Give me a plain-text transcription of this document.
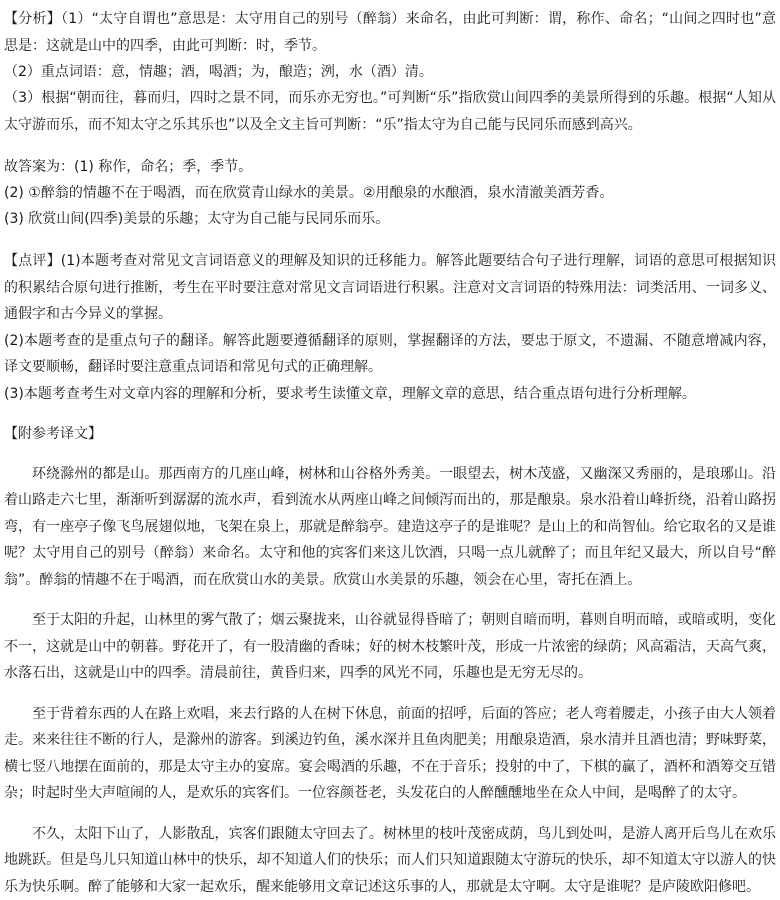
【分析】（1）“太守自谓也”意思是：太守用自己的别号（醉翁）来命名，由此可判断：谓，称作、命名；“山间之四时也”意思是：这就是山中的四季，由此可判断：时，季节。

（2）重点词语：意，情趣；酒，喝酒；为，酿造；洌，水（酒）清。

（3）根据“朝而往，暮而归，四时之景不同，而乐亦无穷也。”可判断“乐”指欣赏山间四季的美景所得到的乐趣。根据“人知从太守游而乐，而不知太守之乐其乐也”以及全文主旨可判断：“乐”指太守为自己能与民同乐而感到高兴。

故答案为：(1) 称作，命名；季，季节。

(2) ①醉翁的情趣不在于喝酒，而在欣赏青山绿水的美景。②用酿泉的水酿酒，泉水清澈美酒芳香。

(3) 欣赏山间(四季)美景的乐趣；太守为自己能与民同乐而乐。

【点评】(1)本题考查对常见文言词语意义的理解及知识的迁移能力。解答此题要结合句子进行理解，词语的意思可根据知识的积累结合原句进行推断，考生在平时要注意对常见文言词语进行积累。注意对文言词语的特殊用法：词类活用、一词多义、通假字和古今异义的掌握。

(2)本题考查的是重点句子的翻译。解答此题要遵循翻译的原则，掌握翻译的方法，要忠于原文，不遗漏、不随意增减内容，译文要顺畅，翻译时要注意重点词语和常见句式的正确理解。

(3)本题考查考生对文章内容的理解和分析，要求考生读懂文章，理解文章的意思，结合重点语句进行分析理解。

【附参考译文】

环绕滁州的都是山。那西南方的几座山峰，树林和山谷格外秀美。一眼望去，树木茂盛，又幽深又秀丽的，是琅琊山。沿着山路走六七里，渐渐听到潺潺的流水声，看到流水从两座山峰之间倾泻而出的，那是酿泉。泉水沿着山峰折绕，沿着山路拐弯，有一座亭子像飞鸟展翅似地，飞架在泉上，那就是醉翁亭。建造这亭子的是谁呢？是山上的和尚智仙。给它取名的又是谁呢？太守用自己的别号（醉翁）来命名。太守和他的宾客们来这儿饮酒，只喝一点儿就醉了；而且年纪又最大，所以自号“醉翁”。醉翁的情趣不在于喝酒，而在欣赏山水的美景。欣赏山水美景的乐趣，领会在心里，寄托在酒上。

至于太阳的升起，山林里的雾气散了；烟云聚拢来，山谷就显得昏暗了；朝则自暗而明，暮则自明而暗，或暗或明，变化不一，这就是山中的朝暮。野花开了，有一股清幽的香味；好的树木枝繁叶茂，形成一片浓密的绿荫；风高霜洁，天高气爽，水落石出，这就是山中的四季。清晨前往，黄昏归来，四季的风光不同，乐趣也是无穷无尽的。

至于背着东西的人在路上欢唱，来去行路的人在树下休息，前面的招呼，后面的答应；老人弯着腰走，小孩子由大人领着走。来来往往不断的行人，是滁州的游客。到溪边钓鱼，溪水深并且鱼肉肥美；用酿泉造酒，泉水清并且酒也清；野味野菜，横七竖八地摆在面前的，那是太守主办的宴席。宴会喝酒的乐趣，不在于音乐；投射的中了，下棋的赢了，酒杯和酒筹交互错杂；时起时坐大声喧闹的人，是欢乐的宾客们。一位容颜苍老，头发花白的人醉醺醺地坐在众人中间，是喝醉了的太守。

不久，太阳下山了，人影散乱，宾客们跟随太守回去了。树林里的枝叶茂密成荫，鸟儿到处叫，是游人离开后鸟儿在欢乐地跳跃。但是鸟儿只知道山林中的快乐，却不知道人们的快乐；而人们只知道跟随太守游玩的快乐，却不知道太守以游人的快乐为快乐啊。醉了能够和大家一起欢乐，醒来能够用文章记述这乐事的人，那就是太守啊。太守是谁呢？是庐陵欧阳修吧。
